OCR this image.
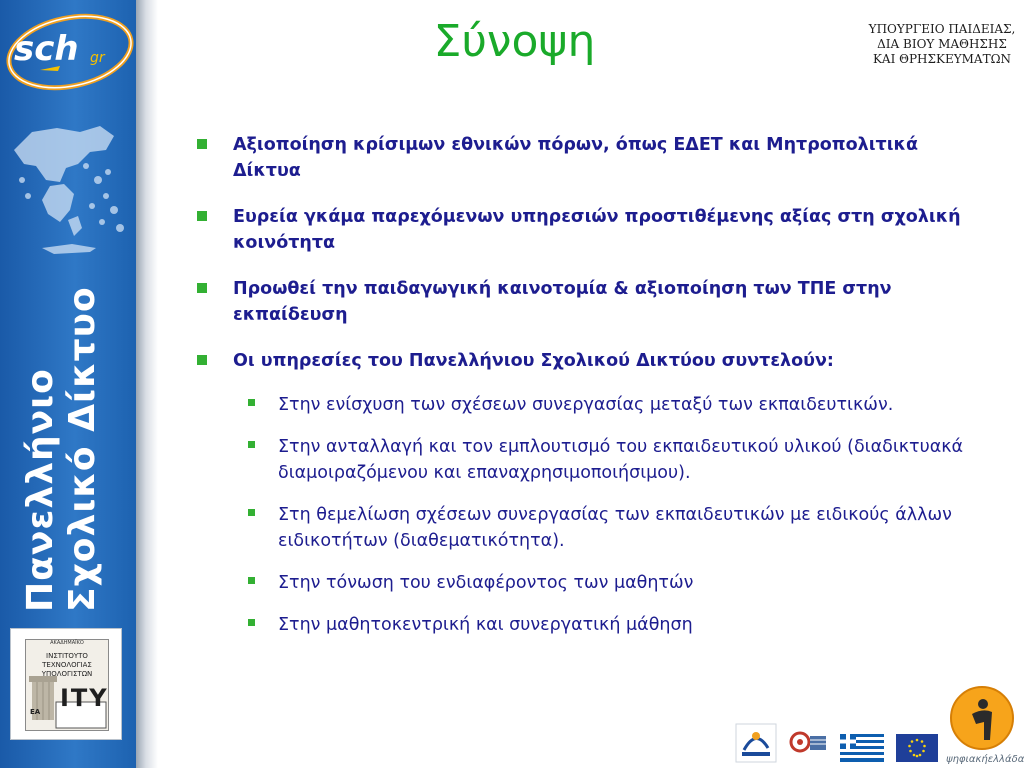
sch gr
Πανελλήνιο Σχολικό Δίκτυο
ΑΚΑΔΗΜΑΪΚΟ
ΙΝΣΤΙΤΟΥΤΟ
ΤΕΧΝΟΛΟΓΙΑΣ
ΥΠΟΛΟΓΙΣΤΩΝ
ΙΤΥ
ΕΑ
Σύνοψη	ΥΠΟΥΡΓΕΙΟ ΠΑΙΔΕΙΑΣ,
ΔΙΑ ΒΙΟΥ ΜΑΘΗΣΗΣ
ΚΑΙ ΘΡΗΣΚΕΥΜΑΤΩΝ
Αξιοποίηση κρίσιμων εθνικών πόρων, όπως ΕΔΕΤ και Μητροπολιτικά Δίκτυα
Ευρεία γκάμα παρεχόμενων υπηρεσιών προστιθέμενης αξίας στη σχολική κοινότητα
Προωθεί την παιδαγωγική καινοτομία & αξιοποίηση των ΤΠΕ στην εκπαίδευση
Οι υπηρεσίες του Πανελλήνιου Σχολικού Δικτύου συντελούν:
Στην ενίσχυση των σχέσεων συνεργασίας μεταξύ των εκπαιδευτικών.
Στην ανταλλαγή και τον εμπλουτισμό του εκπαιδευτικού υλικού (διαδικτυακά διαμοιραζόμενου και επαναχρησιμοποιήσιμου).
Στη θεμελίωση σχέσεων συνεργασίας των εκπαιδευτικών με ειδικούς άλλων ειδικοτήτων (διαθεματικότητα).
Στην τόνωση του ενδιαφέροντος των μαθητών
Στην μαθητοκεντρική και συνεργατική μάθηση
ψηφιακήελλάδα
